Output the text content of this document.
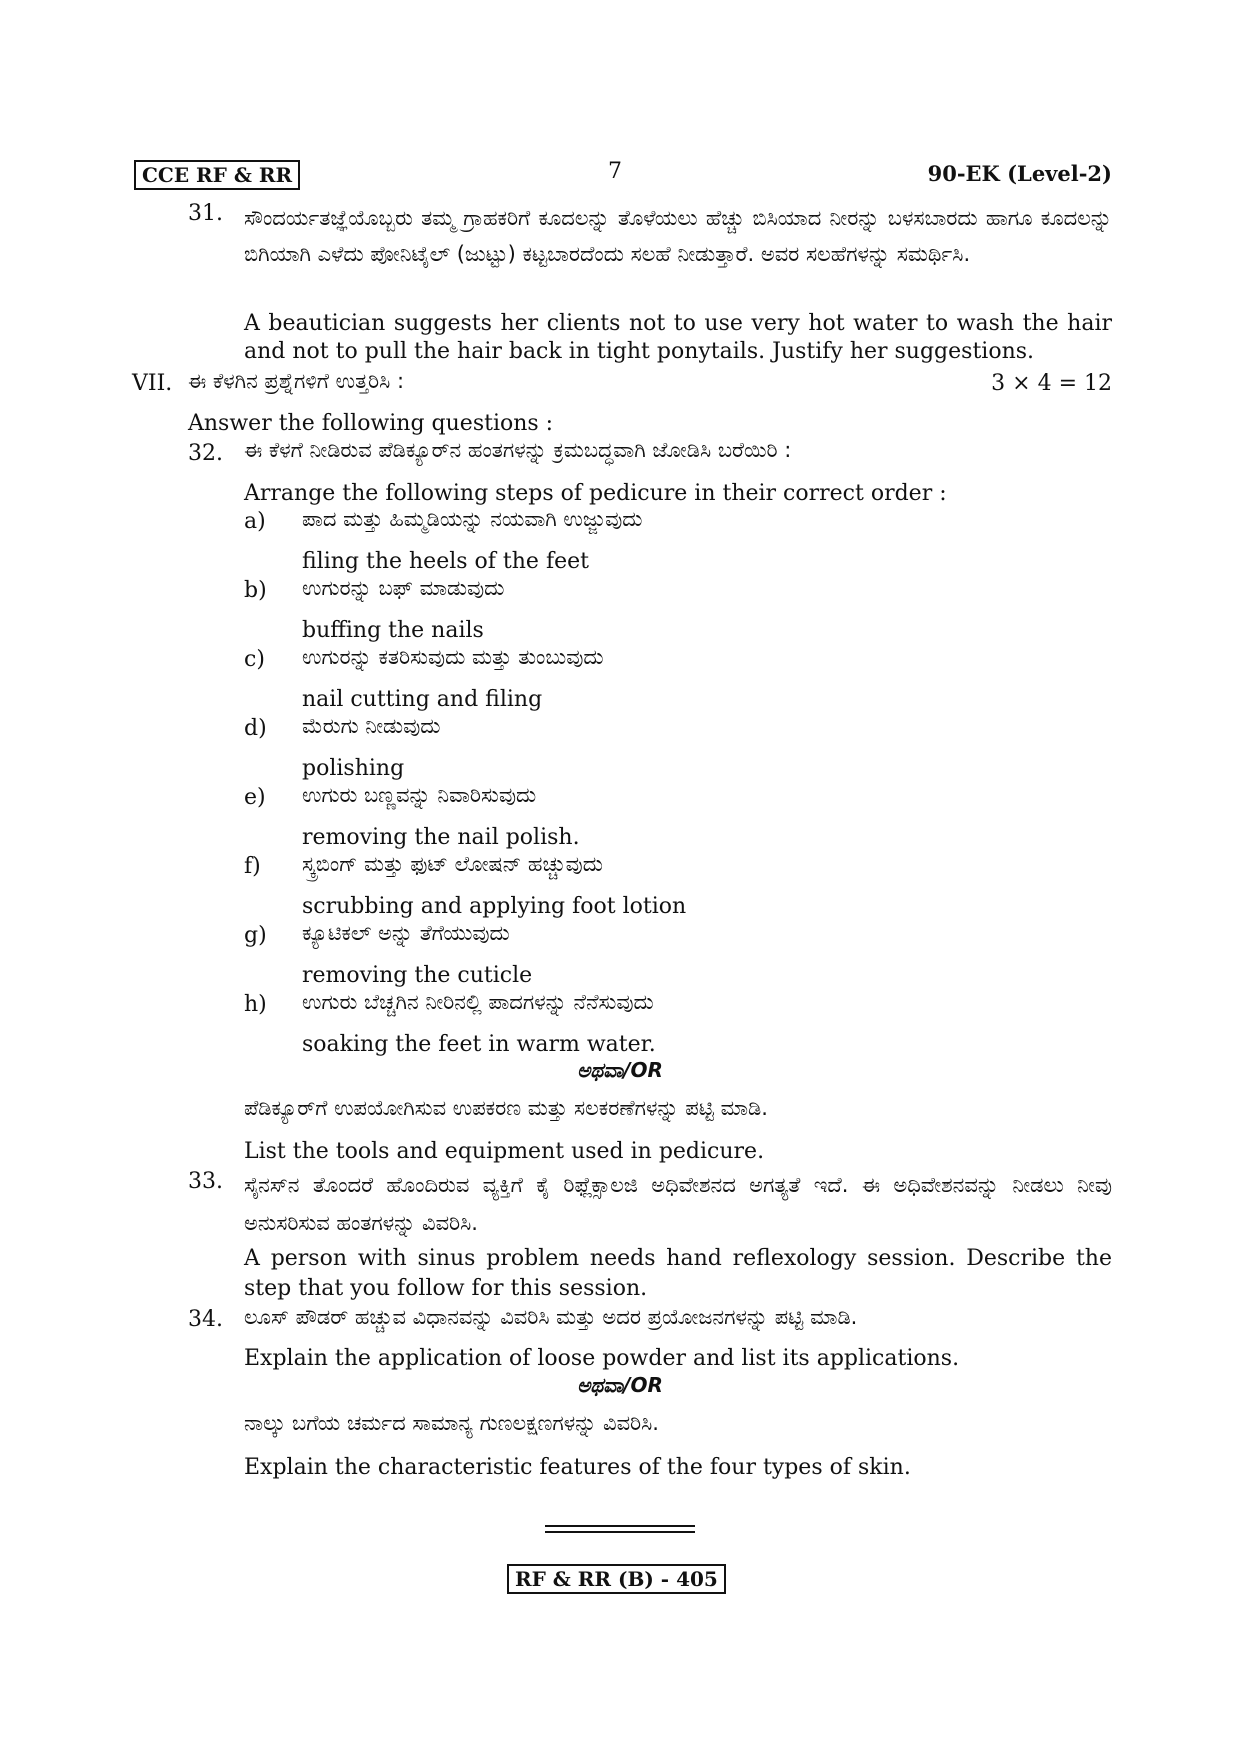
CCE RF & RR	7	90-EK (Level-2)
31. ಸೌಂದರ್ಯತಜ್ಞೆಯೊಬ್ಬರು ತಮ್ಮ ಗ್ರಾಹಕರಿಗೆ ಕೂದಲನ್ನು ತೊಳೆಯಲು ಹೆಚ್ಚು ಬಿಸಿಯಾದ ನೀರನ್ನು ಬಳಸಬಾರದು ಹಾಗೂ ಕೂದಲನ್ನು ಬಿಗಿಯಾಗಿ ಎಳೆದು ಪೋನಿಟೈಲ್ (ಜುಟ್ಟು) ಕಟ್ಟಬಾರದೆಂದು ಸಲಹೆ ನೀಡುತ್ತಾರೆ. ಅವರ ಸಲಹೆಗಳನ್ನು ಸಮರ್ಥಿಸಿ.
A beautician suggests her clients not to use very hot water to wash the hair and not to pull the hair back in tight ponytails. Justify her suggestions.
VII. ಈ ಕೆಳಗಿನ ಪ್ರಶ್ನೆಗಳಿಗೆ ಉತ್ತರಿಸಿ :	3 × 4 = 12
Answer the following questions :
32. ಈ ಕೆಳಗೆ ನೀಡಿರುವ ಪೆಡಿಕ್ಯೂರ್‌ನ ಹಂತಗಳನ್ನು ಕ್ರಮಬದ್ಧವಾಗಿ ಜೋಡಿಸಿ ಬರೆಯಿರಿ :
Arrange the following steps of pedicure in their correct order :
a) ಪಾದ ಮತ್ತು ಹಿಮ್ಮಡಿಯನ್ನು ನಯವಾಗಿ ಉಜ್ಜುವುದು
filing the heels of the feet
b) ಉಗುರನ್ನು ಬಫ್ ಮಾಡುವುದು
buffing the nails
c) ಉಗುರನ್ನು ಕತರಿಸುವುದು ಮತ್ತು ತುಂಬುವುದು
nail cutting and filing
d) ಮೆರುಗು ನೀಡುವುದು
polishing
e) ಉಗುರು ಬಣ್ಣವನ್ನು ನಿವಾರಿಸುವುದು
removing the nail polish.
f) ಸ್ಕ್ರಬಿಂಗ್ ಮತ್ತು ಫುಟ್ ಲೋಷನ್ ಹಚ್ಚುವುದು
scrubbing and applying foot lotion
g) ಕ್ಯೂಟಿಕಲ್ ಅನ್ನು ತೆಗೆಯುವುದು
removing the cuticle
h) ಉಗುರು ಬೆಚ್ಚಗಿನ ನೀರಿನಲ್ಲಿ ಪಾದಗಳನ್ನು ನೆನೆಸುವುದು
soaking the feet in warm water.
ಅಥವಾ/OR
ಪೆಡಿಕ್ಯೂರ್‌ಗೆ ಉಪಯೋಗಿಸುವ ಉಪಕರಣ ಮತ್ತು ಸಲಕರಣೆಗಳನ್ನು ಪಟ್ಟಿ ಮಾಡಿ.
List the tools and equipment used in pedicure.
33. ಸೈನಸ್‌ನ ತೊಂದರೆ ಹೊಂದಿರುವ ವ್ಯಕ್ತಿಗೆ ಕೈ ರಿಫ್ಲೆಕ್ಸಾಲಜಿ ಅಧಿವೇಶನದ ಅಗತ್ಯತೆ ಇದೆ. ಈ ಅಧಿವೇಶನವನ್ನು ನೀಡಲು ನೀವು ಅನುಸರಿಸುವ ಹಂತಗಳನ್ನು ವಿವರಿಸಿ.
A person with sinus problem needs hand reflexology session. Describe the step that you follow for this session.
34. ಲೂಸ್ ಪೌಡರ್ ಹಚ್ಚುವ ವಿಧಾನವನ್ನು ವಿವರಿಸಿ ಮತ್ತು ಅದರ ಪ್ರಯೋಜನಗಳನ್ನು ಪಟ್ಟಿ ಮಾಡಿ.
Explain the application of loose powder and list its applications.
ಅಥವಾ/OR
ನಾಲ್ಕು ಬಗೆಯ ಚರ್ಮದ ಸಾಮಾನ್ಯ ಗುಣಲಕ್ಷಣಗಳನ್ನು ವಿವರಿಸಿ.
Explain the characteristic features of the four types of skin.
RF & RR (B) - 405
